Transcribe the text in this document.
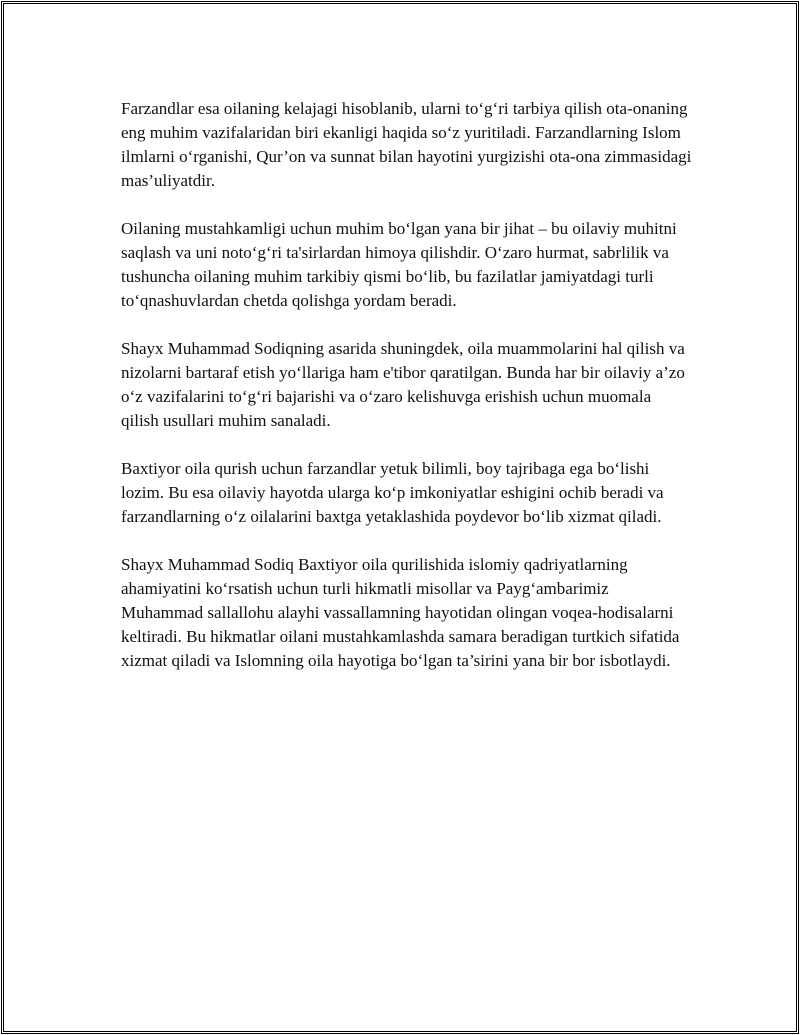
Farzandlar esa oilaning kelajagi hisoblanib, ularni to‘g‘ri tarbiya qilish ota-onaning eng muhim vazifalaridan biri ekanligi haqida so‘z yuritiladi. Farzandlarning Islom ilmlarni o‘rganishi, Qur’on va sunnat bilan hayotini yurgizishi ota-ona zimmasidagi mas’uliyatdir.

Oilaning mustahkamligi uchun muhim bo‘lgan yana bir jihat – bu oilaviy muhitni saqlash va uni noto‘g‘ri ta'sirlardan himoya qilishdir. O‘zaro hurmat, sabrlilik va tushuncha oilaning muhim tarkibiy qismi bo‘lib, bu fazilatlar jamiyatdagi turli to‘qnashuvlardan chetda qolishga yordam beradi.

Shayx Muhammad Sodiqning asarida shuningdek, oila muammolarini hal qilish va nizolarni bartaraf etish yo‘llariga ham e'tibor qaratilgan. Bunda har bir oilaviy a’zo o‘z vazifalarini to‘g‘ri bajarishi va o‘zaro kelishuvga erishish uchun muomala qilish usullari muhim sanaladi.

Baxtiyor oila qurish uchun farzandlar yetuk bilimli, boy tajribaga ega bo‘lishi lozim. Bu esa oilaviy hayotda ularga ko‘p imkoniyatlar eshigini ochib beradi va farzandlarning o‘z oilalarini baxtga yetaklashida poydevor bo‘lib xizmat qiladi.

Shayx Muhammad Sodiq Baxtiyor oila qurilishida islomiy qadriyatlarning ahamiyatini ko‘rsatish uchun turli hikmatli misollar va Payg‘ambarimiz Muhammad sallallohu alayhi vassallamning hayotidan olingan voqea-hodisalarni keltiradi. Bu hikmatlar oilani mustahkamlashda samara beradigan turtkich sifatida xizmat qiladi va Islomning oila hayotiga bo‘lgan ta’sirini yana bir bor isbotlaydi.
